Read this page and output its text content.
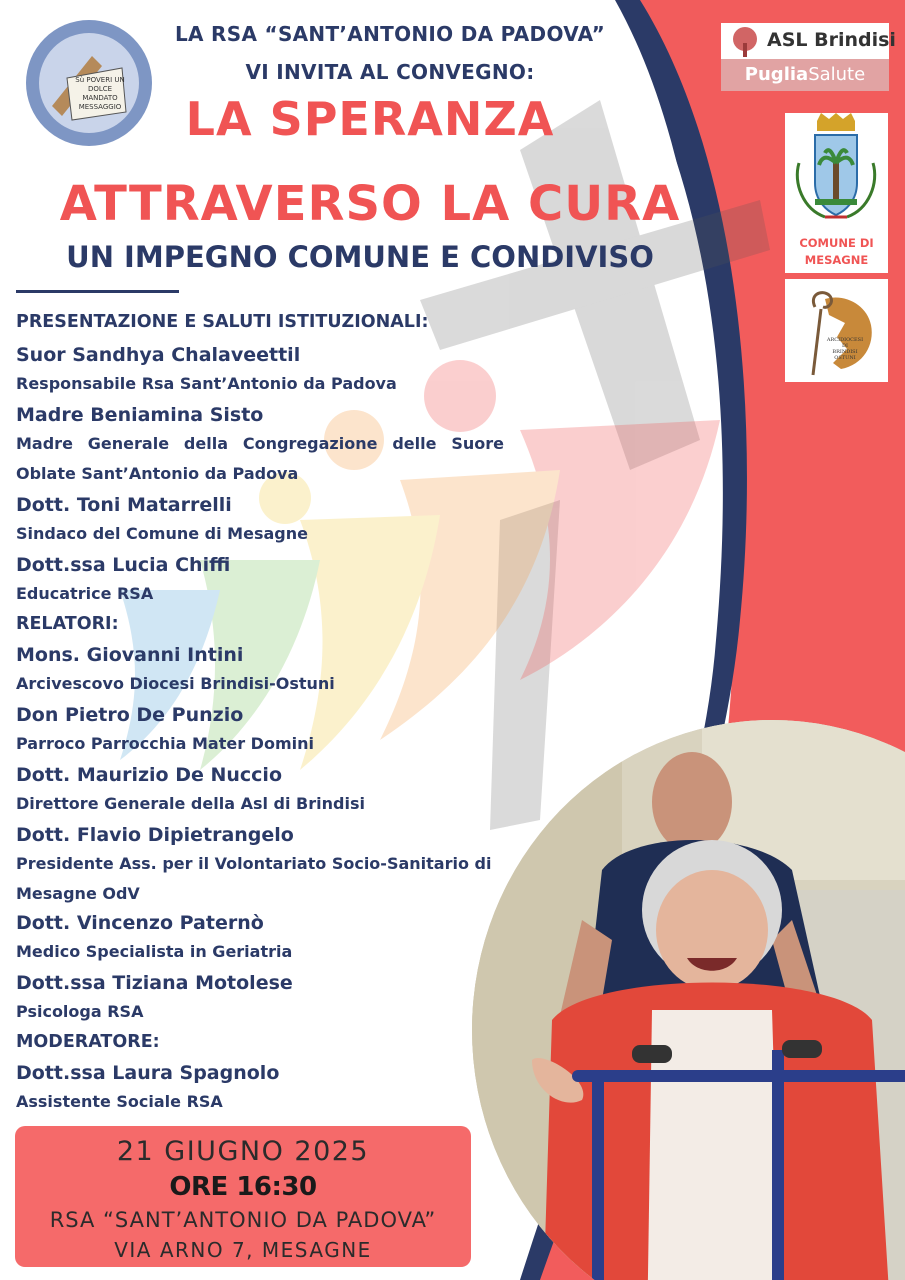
Sù POVERI UN
DOLCE
MANDATO
MESSAGGIO
LA RSA “SANT’ANTONIO DA PADOVA”
VI INVITA AL CONVEGNO:
LA SPERANZA
ATTRAVERSO LA CURA
UN IMPEGNO COMUNE E CONDIVISO
ASL Brindisi
PugliaSalute
COMUNE DI
MESAGNE
ARCIDIOCESI
DI
BRINDISI
OSTUNI
PRESENTAZIONE E SALUTI ISTITUZIONALI:
Suor Sandhya Chalaveettil
Responsabile Rsa Sant’Antonio da Padova
Madre Beniamina Sisto
Madre Generale della Congregazione delle Suore
Oblate Sant’Antonio da Padova
Dott. Toni Matarrelli
Sindaco del Comune di Mesagne
Dott.ssa Lucia Chiffi
Educatrice RSA
RELATORI:
Mons. Giovanni Intini
Arcivescovo Diocesi Brindisi-Ostuni
Don Pietro De Punzio
Parroco Parrocchia Mater Domini
Dott. Maurizio De Nuccio
Direttore Generale della Asl di Brindisi
Dott. Flavio Dipietrangelo
Presidente Ass. per il Volontariato Socio-Sanitario di
Mesagne OdV
Dott. Vincenzo Paternò
Medico Specialista in Geriatria
Dott.ssa Tiziana Motolese
Psicologa RSA
MODERATORE:
Dott.ssa Laura Spagnolo
Assistente Sociale RSA
21 GIUGNO 2025
ORE 16:30
RSA “SANT’ANTONIO DA PADOVA”
VIA ARNO 7, MESAGNE
